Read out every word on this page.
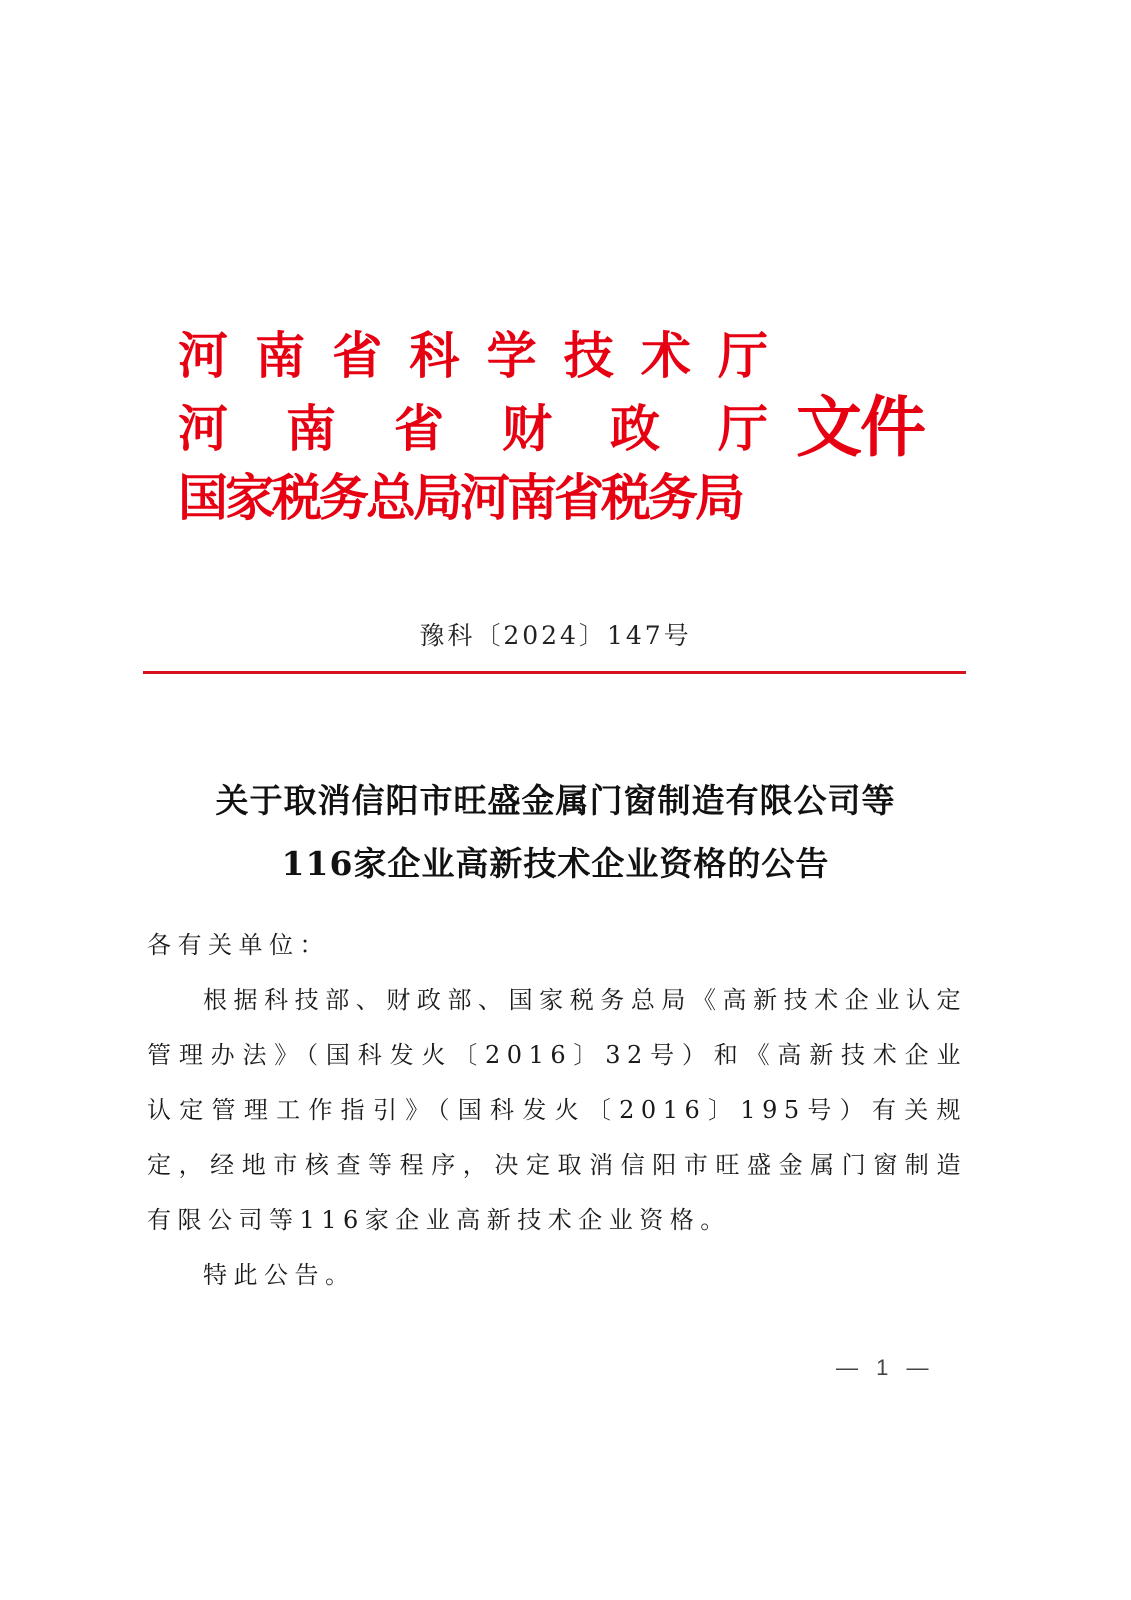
河 南 省 科 学 技 术 厅
河 南 省 财 政 厅
国家税务总局河南省税务局
文件
豫科〔2024〕147号
关于取消信阳市旺盛金属门窗制造有限公司等
116家企业高新技术企业资格的公告
各有关单位：
根据科技部、财政部、国家税务总局《高新技术企业认定管理办法》（国科发火〔2016〕32号）和《高新技术企业认定管理工作指引》（国科发火〔2016〕195号）有关规定，经地市核查等程序，决定取消信阳市旺盛金属门窗制造有限公司等116家企业高新技术企业资格。
特此公告。
— 1 —
